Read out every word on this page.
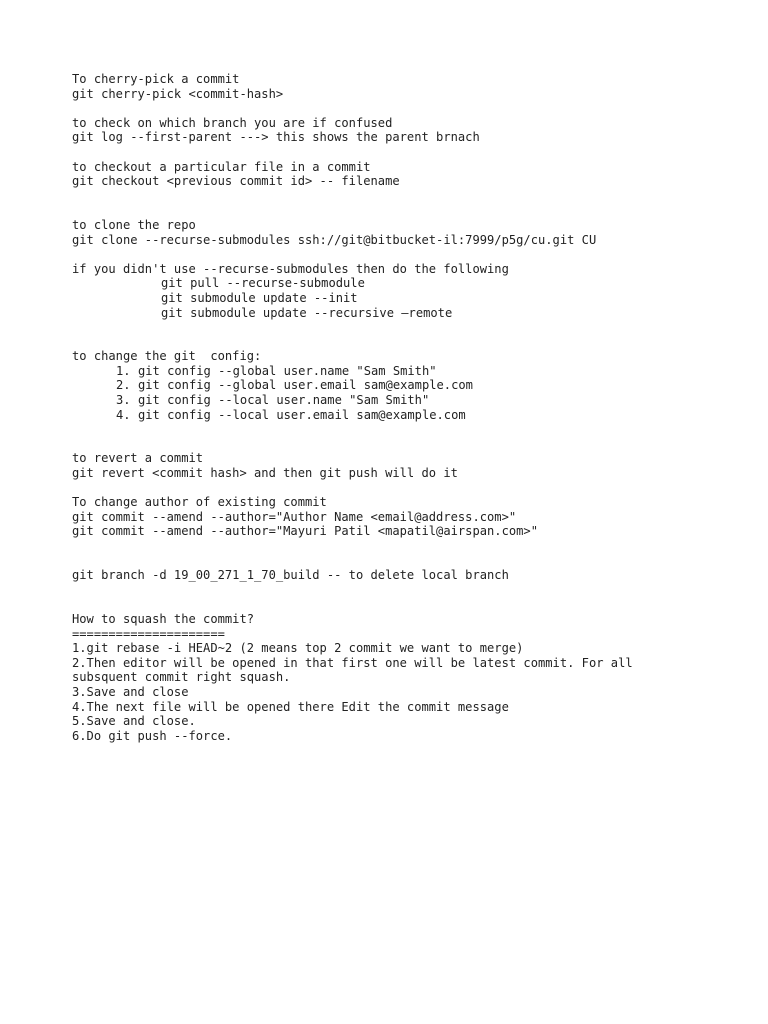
To cherry-pick a commit
git cherry-pick <commit-hash>
to check on which branch you are if confused
git log --first-parent ---> this shows the parent brnach
to checkout a particular file in a commit
git checkout <previous commit id> -- filename
to clone the repo
git clone --recurse-submodules ssh://git@bitbucket-il:7999/p5g/cu.git CU
if you didn't use --recurse-submodules then do the following
git pull --recurse-submodule
git submodule update --init
git submodule update --recursive –remote
to change the git  config:
1. git config --global user.name "Sam Smith"
2. git config --global user.email sam@example.com
3. git config --local user.name "Sam Smith"
4. git config --local user.email sam@example.com
to revert a commit
git revert <commit hash> and then git push will do it
To change author of existing commit
git commit --amend --author="Author Name <email@address.com>"
git commit --amend --author="Mayuri Patil <mapatil@airspan.com>"
git branch -d 19_00_271_1_70_build -- to delete local branch
How to squash the commit?
=====================
1.git rebase -i HEAD~2 (2 means top 2 commit we want to merge)
2.Then editor will be opened in that first one will be latest commit. For all
subsquent commit right squash.
3.Save and close
4.The next file will be opened there Edit the commit message
5.Save and close.
6.Do git push --force.
